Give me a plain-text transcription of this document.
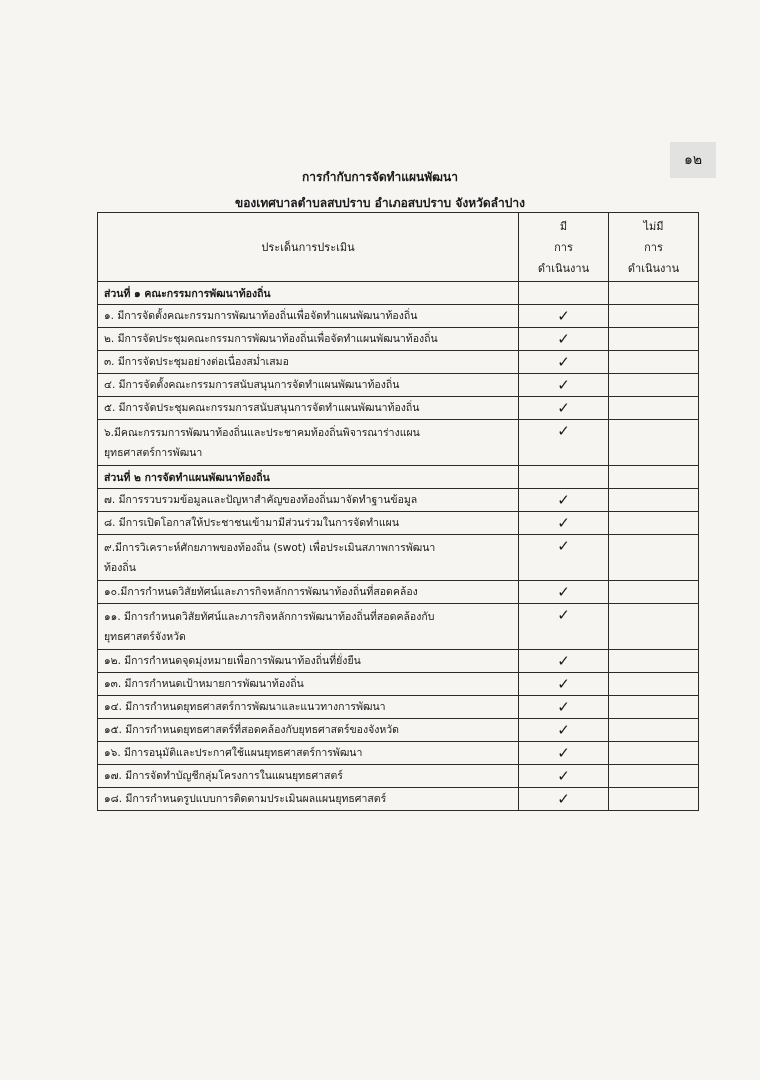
๑๒
การกำกับการจัดทำแผนพัฒนา
ของเทศบาลตำบลสบปราบ อำเภอสบปราบ จังหวัดลำปาง
ประเด็นการประเมิน	มี
การ
ดำเนินงาน	ไม่มี
การ
ดำเนินงาน
ส่วนที่ ๑ คณะกรรมการพัฒนาท้องถิ่น		
๑. มีการจัดตั้งคณะกรรมการพัฒนาท้องถิ่นเพื่อจัดทำแผนพัฒนาท้องถิ่น	✓	
๒. มีการจัดประชุมคณะกรรมการพัฒนาท้องถิ่นเพื่อจัดทำแผนพัฒนาท้องถิ่น	✓	
๓. มีการจัดประชุมอย่างต่อเนื่องสม่ำเสมอ	✓	
๔. มีการจัดตั้งคณะกรรมการสนับสนุนการจัดทำแผนพัฒนาท้องถิ่น	✓	
๕. มีการจัดประชุมคณะกรรมการสนับสนุนการจัดทำแผนพัฒนาท้องถิ่น	✓	
๖.มีคณะกรรมการพัฒนาท้องถิ่นและประชาคมท้องถิ่นพิจารณาร่างแผน
ยุทธศาสตร์การพัฒนา	✓	
ส่วนที่ ๒ การจัดทำแผนพัฒนาท้องถิ่น		
๗. มีการรวบรวมข้อมูลและปัญหาสำคัญของท้องถิ่นมาจัดทำฐานข้อมูล	✓	
๘. มีการเปิดโอกาสให้ประชาชนเข้ามามีส่วนร่วมในการจัดทำแผน	✓	
๙.มีการวิเคราะห์ศักยภาพของท้องถิ่น (swot) เพื่อประเมินสภาพการพัฒนา
ท้องถิ่น	✓	
๑๐.มีการกำหนดวิสัยทัศน์และภารกิจหลักการพัฒนาท้องถิ่นที่สอดคล้อง	✓	
๑๑. มีการกำหนดวิสัยทัศน์และภารกิจหลักการพัฒนาท้องถิ่นที่สอดคล้องกับ
ยุทธศาสตร์จังหวัด	✓	
๑๒. มีการกำหนดจุดมุ่งหมายเพื่อการพัฒนาท้องถิ่นที่ยั่งยืน	✓	
๑๓. มีการกำหนดเป้าหมายการพัฒนาท้องถิ่น	✓	
๑๔. มีการกำหนดยุทธศาสตร์การพัฒนาและแนวทางการพัฒนา	✓	
๑๕. มีการกำหนดยุทธศาสตร์ที่สอดคล้องกับยุทธศาสตร์ของจังหวัด	✓	
๑๖. มีการอนุมัติและประกาศใช้แผนยุทธศาสตร์การพัฒนา	✓	
๑๗. มีการจัดทำบัญชีกลุ่มโครงการในแผนยุทธศาสตร์	✓	
๑๘. มีการกำหนดรูปแบบการติดตามประเมินผลแผนยุทธศาสตร์	✓	
